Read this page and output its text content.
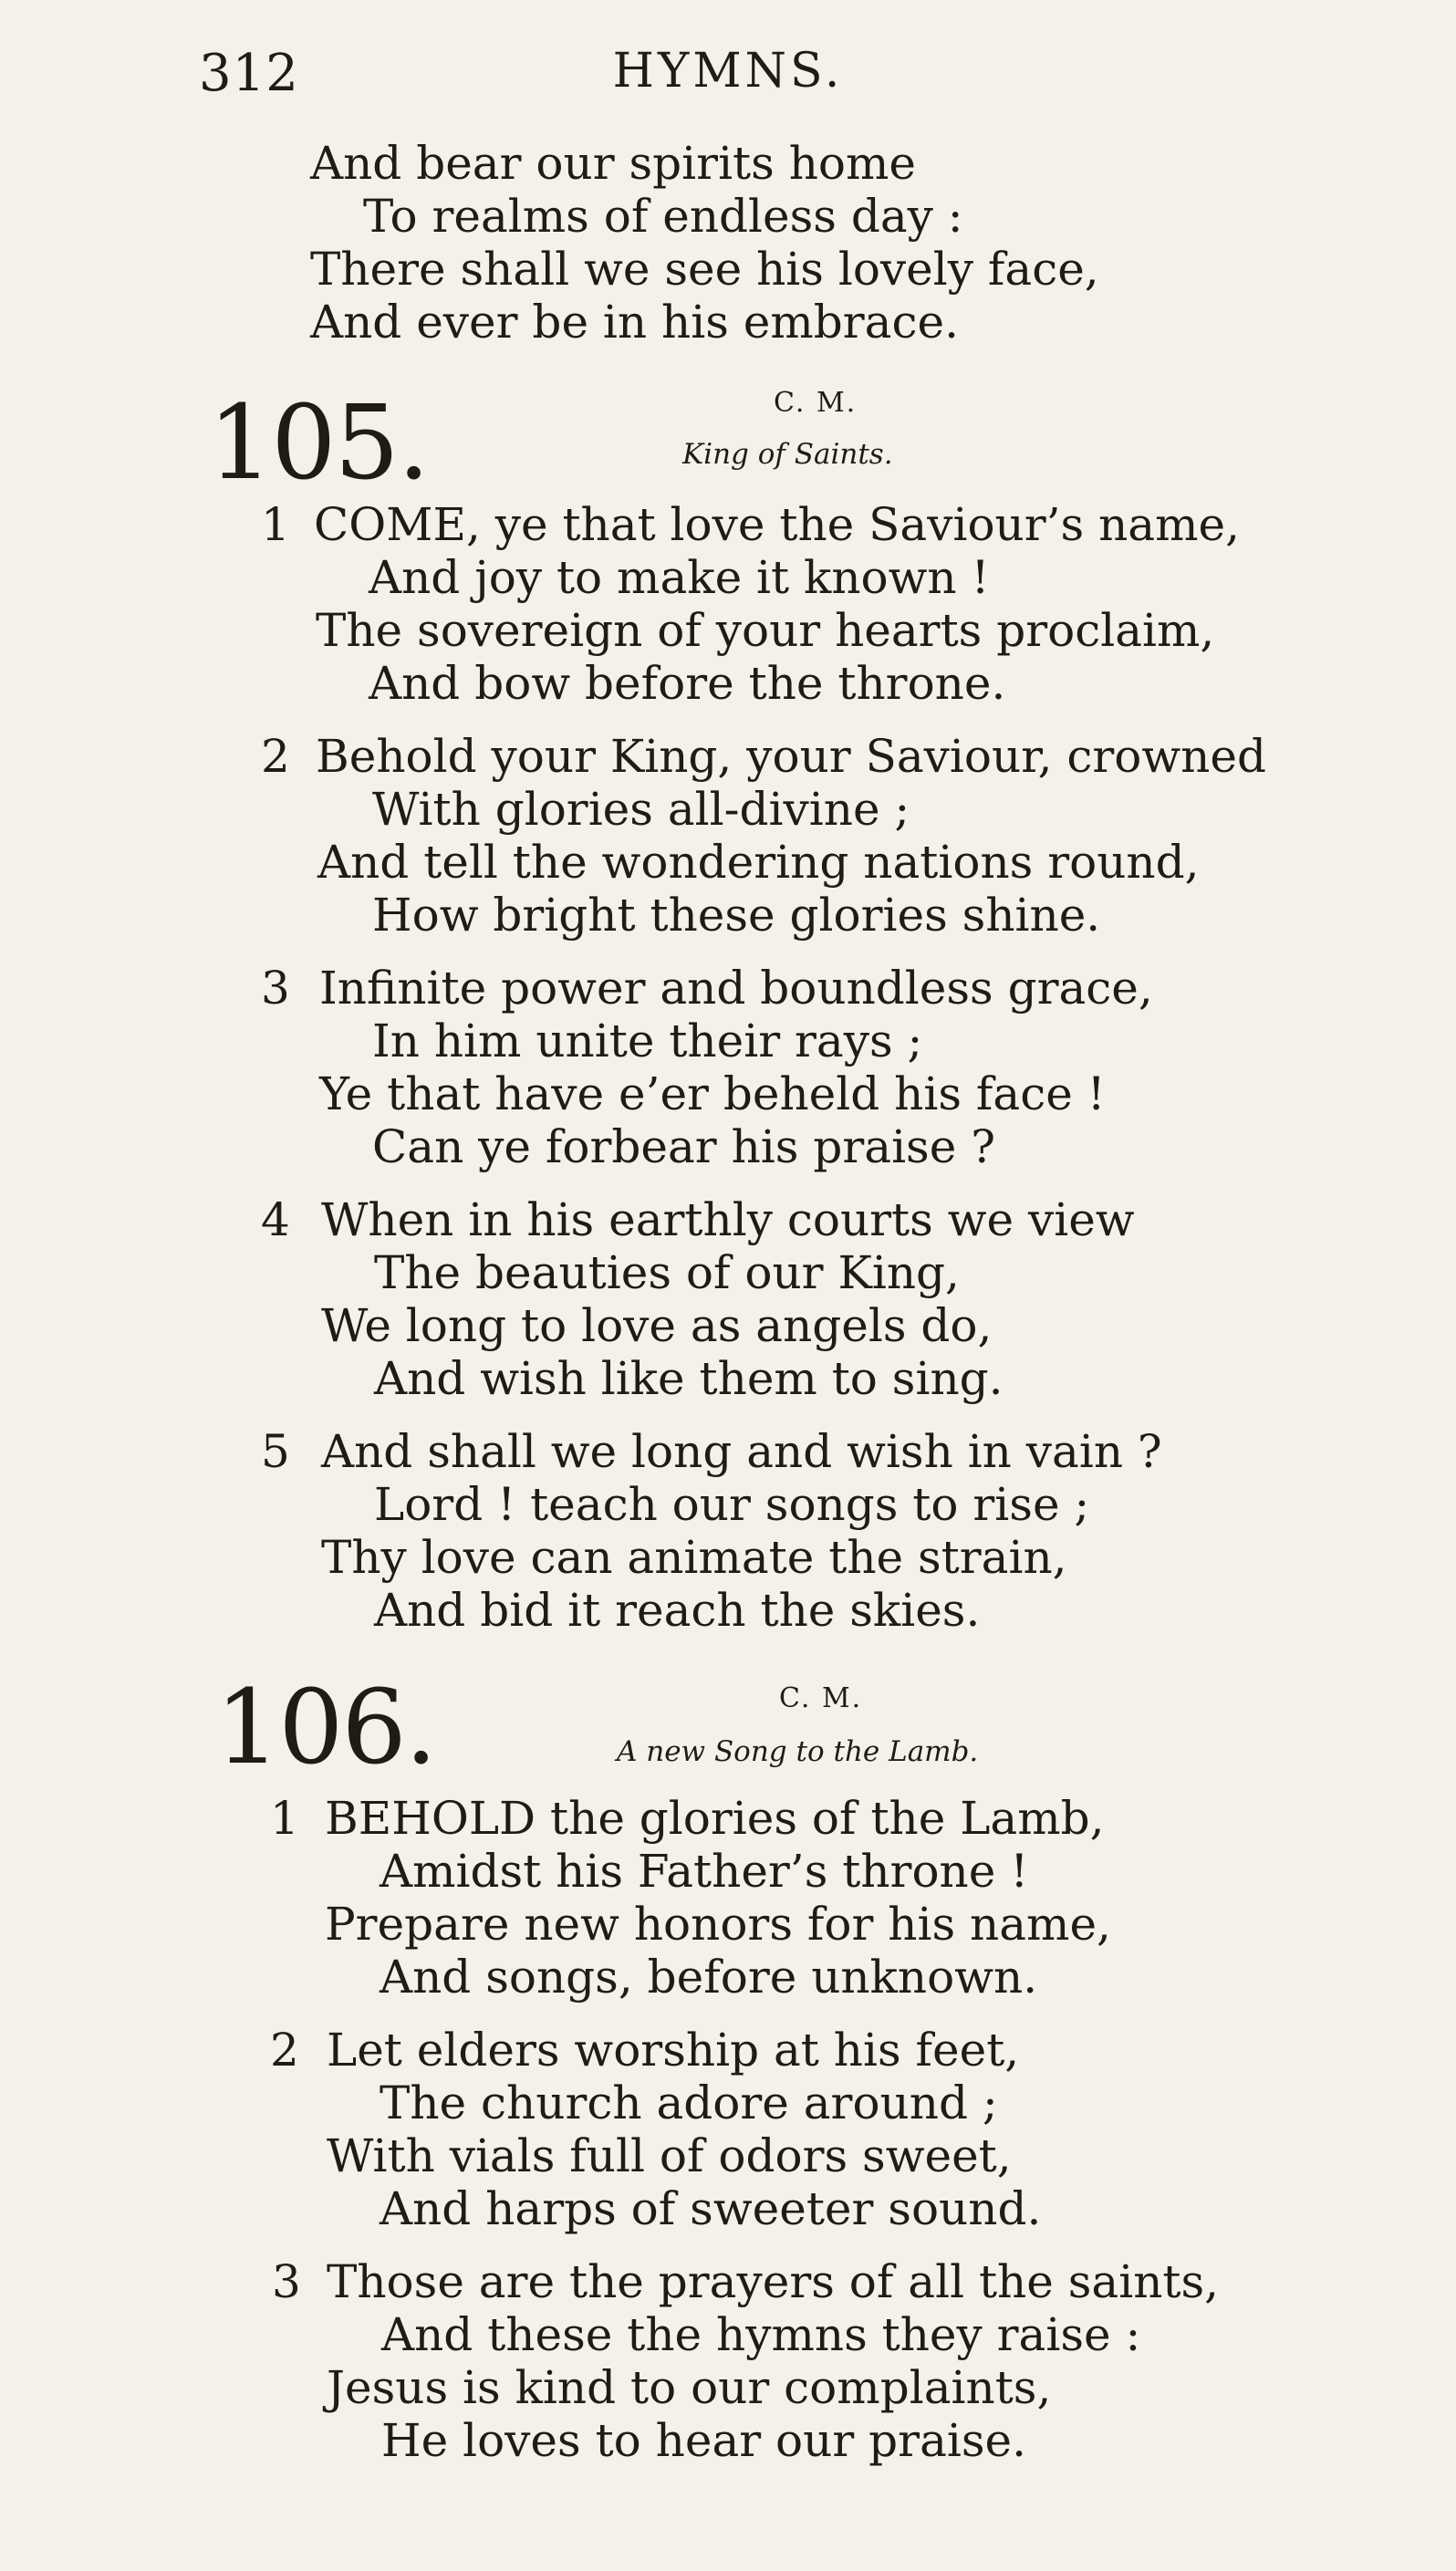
312	HYMNS.
And bear our spirits home
To realms of endless day :
There shall we see his lovely face,
And ever be in his embrace.
105.	C. M.
King of Saints.
1 COME, ye that love the Saviour’s name,
And joy to make it known !
The sovereign of your hearts proclaim,
And bow before the throne.
2 Behold your King, your Saviour, crowned
With glories all-divine ;
And tell the wondering nations round,
How bright these glories shine.
3 Infinite power and boundless grace,
In him unite their rays ;
Ye that have e’er beheld his face !
Can ye forbear his praise ?
4 When in his earthly courts we view
The beauties of our King,
We long to love as angels do,
And wish like them to sing.
5 And shall we long and wish in vain ?
Lord ! teach our songs to rise ;
Thy love can animate the strain,
And bid it reach the skies.
106.	C. M.
A new Song to the Lamb.
1 BEHOLD the glories of the Lamb,
Amidst his Father’s throne !
Prepare new honors for his name,
And songs, before unknown.
2 Let elders worship at his feet,
The church adore around ;
With vials full of odors sweet,
And harps of sweeter sound.
3 Those are the prayers of all the saints,
And these the hymns they raise :
Jesus is kind to our complaints,
He loves to hear our praise.
